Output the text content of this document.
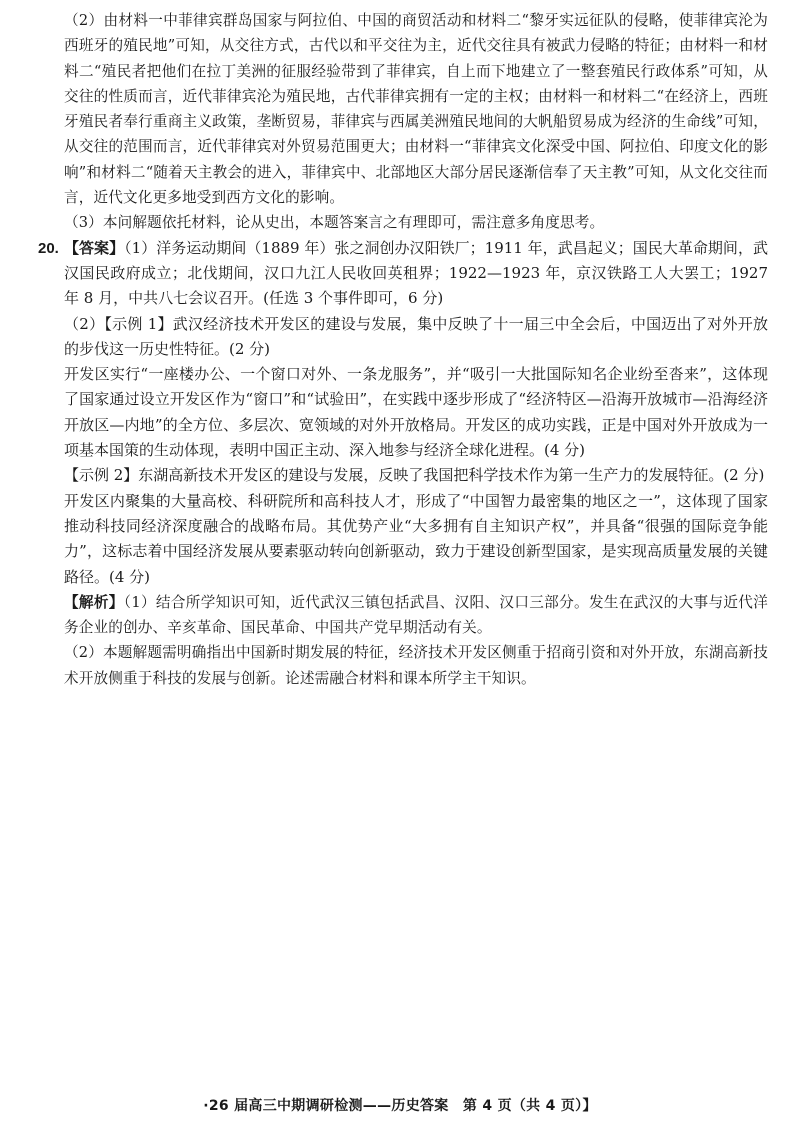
（2）由材料一中菲律宾群岛国家与阿拉伯、中国的商贸活动和材料二“黎牙实远征队的侵略，使菲律宾沦为西班牙的殖民地”可知，从交往方式，古代以和平交往为主，近代交往具有被武力侵略的特征；由材料一和材料二“殖民者把他们在拉丁美洲的征服经验带到了菲律宾，自上而下地建立了一整套殖民行政体系”可知，从交往的性质而言，近代菲律宾沦为殖民地，古代菲律宾拥有一定的主权；由材料一和材料二“在经济上，西班牙殖民者奉行重商主义政策，垄断贸易，菲律宾与西属美洲殖民地间的大帆船贸易成为经济的生命线”可知，从交往的范围而言，近代菲律宾对外贸易范围更大；由材料一“菲律宾文化深受中国、阿拉伯、印度文化的影响”和材料二“随着天主教会的进入，菲律宾中、北部地区大部分居民逐渐信奉了天主教”可知，从文化交往而言，近代文化更多地受到西方文化的影响。

（3）本问解题依托材料，论从史出，本题答案言之有理即可，需注意多角度思考。

20. 【答案】（1）洋务运动期间（1889 年）张之洞创办汉阳铁厂；1911 年，武昌起义；国民大革命期间，武汉国民政府成立；北伐期间，汉口九江人民收回英租界；1922—1923 年，京汉铁路工人大罢工；1927 年 8 月，中共八七会议召开。(任选 3 个事件即可，6 分)

（2）【示例 1】武汉经济技术开发区的建设与发展，集中反映了十一届三中全会后，中国迈出了对外开放的步伐这一历史性特征。(2 分)

开发区实行“一座楼办公、一个窗口对外、一条龙服务”，并“吸引一大批国际知名企业纷至沓来”，这体现了国家通过设立开发区作为“窗口”和“试验田”，在实践中逐步形成了“经济特区—沿海开放城市—沿海经济开放区—内地”的全方位、多层次、宽领域的对外开放格局。开发区的成功实践，正是中国对外开放成为一项基本国策的生动体现，表明中国正主动、深入地参与经济全球化进程。(4 分)

【示例 2】东湖高新技术开发区的建设与发展，反映了我国把科学技术作为第一生产力的发展特征。(2 分)

开发区内聚集的大量高校、科研院所和高科技人才，形成了“中国智力最密集的地区之一”，这体现了国家推动科技同经济深度融合的战略布局。其优势产业“大多拥有自主知识产权”，并具备“很强的国际竞争能力”，这标志着中国经济发展从要素驱动转向创新驱动，致力于建设创新型国家，是实现高质量发展的关键路径。(4 分)

【解析】（1）结合所学知识可知，近代武汉三镇包括武昌、汉阳、汉口三部分。发生在武汉的大事与近代洋务企业的创办、辛亥革命、国民革命、中国共产党早期活动有关。

（2）本题解题需明确指出中国新时期发展的特征，经济技术开发区侧重于招商引资和对外开放，东湖高新技术开放侧重于科技的发展与创新。论述需融合材料和课本所学主干知识。

·26 届高三中期调研检测——历史答案　第 4 页（共 4 页）】
